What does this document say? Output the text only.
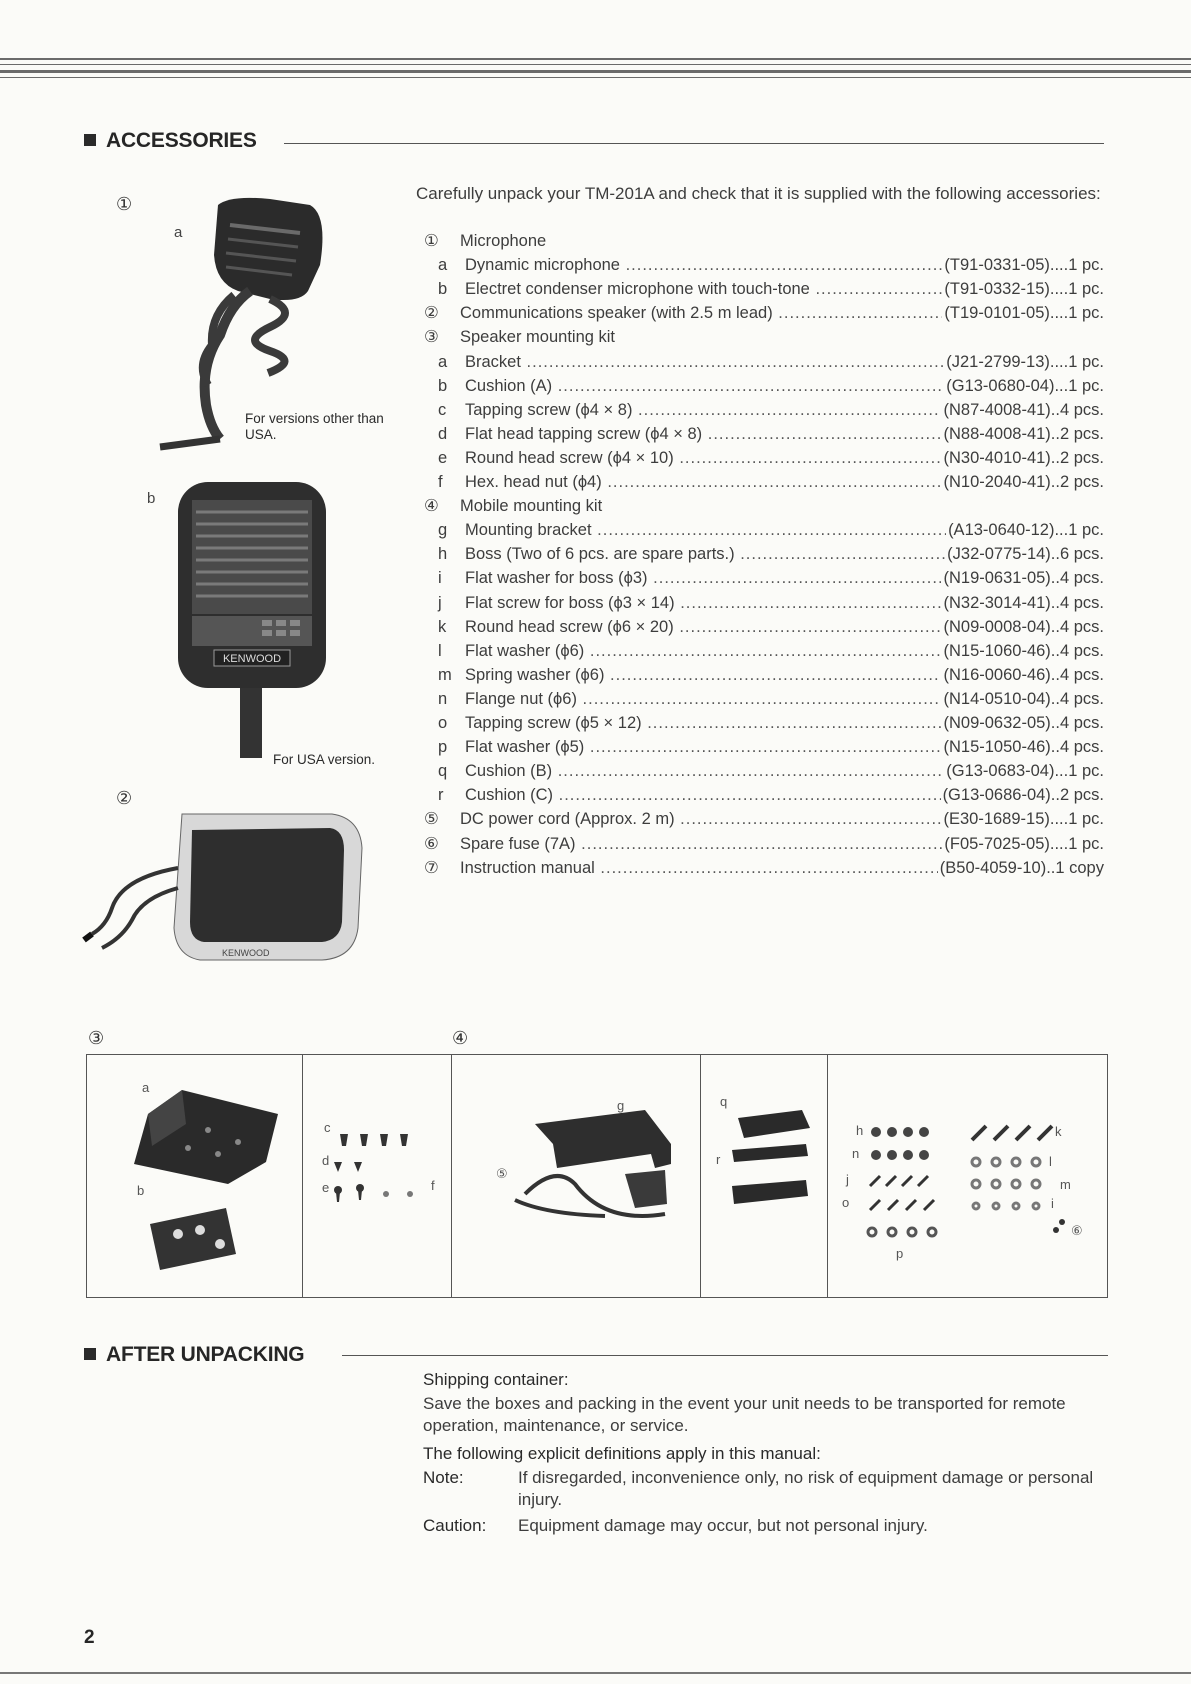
ACCESSORIES
①
a
For versions other than USA.
b
KENWOOD
For USA version.
②
KENWOOD
Carefully unpack your TM-201A and check that it is supplied with the following accessories:
①	Microphone
a	Dynamic microphone .....	(T91-0331-05)....1 pc.
b	Electret condenser microphone with touch-tone .....	(T91-0332-15)....1 pc.
②	Communications speaker (with 2.5 m lead) .....	(T19-0101-05)....1 pc.
③	Speaker mounting kit
a	Bracket .....	(J21-2799-13)....1 pc.
b	Cushion (A) .....	(G13-0680-04)...1 pc.
c	Tapping screw (ϕ4 × 8) .....	(N87-4008-41)..4 pcs.
d	Flat head tapping screw (ϕ4 × 8) .....	(N88-4008-41)..2 pcs.
e	Round head screw (ϕ4 × 10) .....	(N30-4010-41)..2 pcs.
f	Hex. head nut (ϕ4) .....	(N10-2040-41)..2 pcs.
④	Mobile mounting kit
g	Mounting bracket .....	(A13-0640-12)...1 pc.
h	Boss (Two of 6 pcs. are spare parts.) .....	(J32-0775-14)..6 pcs.
i	Flat washer for boss (ϕ3) .....	(N19-0631-05)..4 pcs.
j	Flat screw for boss (ϕ3 × 14) .....	(N32-3014-41)..4 pcs.
k	Round head screw (ϕ6 × 20) .....	(N09-0008-04)..4 pcs.
l	Flat washer (ϕ6) .....	(N15-1060-46)..4 pcs.
m Spring washer (ϕ6) .....	(N16-0060-46)..4 pcs.
n	Flange nut (ϕ6) .....	(N14-0510-04)..4 pcs.
o	Tapping screw (ϕ5 × 12) .....	(N09-0632-05)..4 pcs.
p	Flat washer (ϕ5) .....	(N15-1050-46)..4 pcs.
q	Cushion (B) .....	(G13-0683-04)...1 pc.
r	Cushion (C) .....	(G13-0686-04)..2 pcs.
⑤	DC power cord (Approx. 2 m) .....	(E30-1689-15)....1 pc.
⑥	Spare fuse (7A) .....	(F05-7025-05)....1 pc.
⑦	Instruction manual .....	(B50-4059-10)..1 copy
③	④
a
b
c
d
e	f
g
⑤
q
r
h
n
j
o
p
k
l
m
i
⑥
AFTER UNPACKING
Shipping container:
Save the boxes and packing in the event your unit needs to be transported for remote operation, maintenance, or service.
The following explicit definitions apply in this manual:
Note:	If disregarded, inconvenience only, no risk of equipment damage or personal injury.
Caution: Equipment damage may occur, but not personal injury.
2
